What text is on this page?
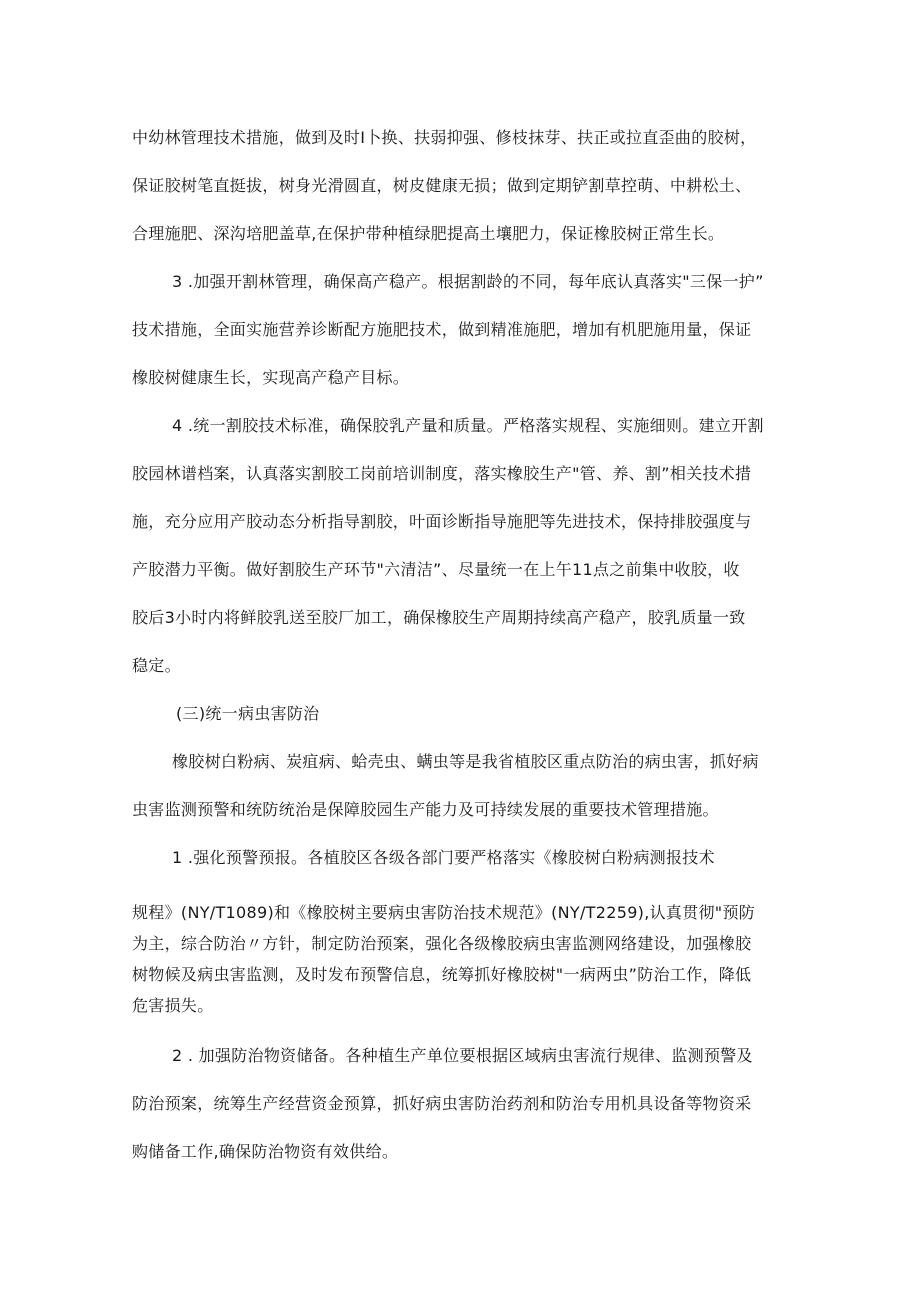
中幼林管理技术措施，做到及时Ⅰ卜换、扶弱抑强、修枝抹芽、扶正或拉直歪曲的胶树，
保证胶树笔直挺拔，树身光滑圆直，树皮健康无损；做到定期铲割草控萌、中耕松土、
合理施肥、深沟培肥盖草,在保护带种植绿肥提高土壤肥力，保证橡胶树正常生长。
3 .加强开割林管理，确保高产稳产。根据割龄的不同，每年底认真落实"三保一护”
技术措施，全面实施营养诊断配方施肥技术，做到精准施肥，增加有机肥施用量，保证
橡胶树健康生长，实现高产稳产目标。
4 .统一割胶技术标准，确保胶乳产量和质量。严格落实规程、实施细则。建立开割
胶园林谱档案，认真落实割胶工岗前培训制度，落实橡胶生产"管、养、割”相关技术措
施，充分应用产胶动态分析指导割胶，叶面诊断指导施肥等先进技术，保持排胶强度与
产胶潜力平衡。做好割胶生产环节"六清洁”、尽量统一在上午11点之前集中收胶，收
胶后3小时内将鲜胶乳送至胶厂加工，确保橡胶生产周期持续高产稳产，胶乳质量一致
稳定。
(三)统一病虫害防治
橡胶树白粉病、炭疽病、蛤壳虫、螨虫等是我省植胶区重点防治的病虫害，抓好病
虫害监测预警和统防统治是保障胶园生产能力及可持续发展的重要技术管理措施。
1 .强化预警预报。各植胶区各级各部门要严格落实《橡胶树白粉病测报技术
规程》(NY/T1089)和《橡胶树主要病虫害防治技术规范》(NY/T2259),认真贯彻"预防
为主，综合防治〃方针，制定防治预案，强化各级橡胶病虫害监测网络建设，加强橡胶
树物候及病虫害监测，及时发布预警信息，统筹抓好橡胶树"一病两虫”防治工作，降低
危害损失。
2 . 加强防治物资储备。各种植生产单位要根据区域病虫害流行规律、监测预警及
防治预案，统筹生产经营资金预算，抓好病虫害防治药剂和防治专用机具设备等物资采
购储备工作,确保防治物资有效供给。
